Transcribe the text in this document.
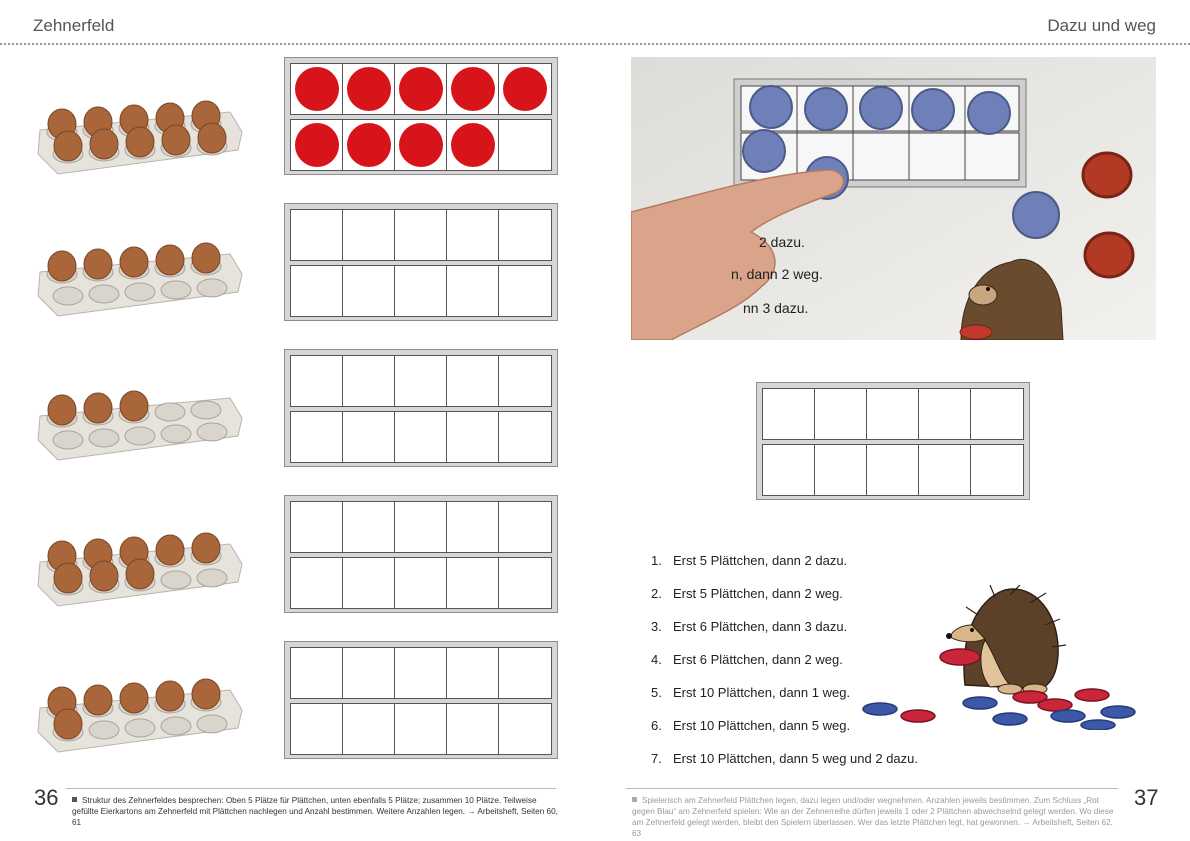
Zehnerfeld	Dazu und weg
2 dazu.
n, dann 2 weg.
nn 3 dazu.
1. Erst 5 Plättchen, dann 2 dazu.
2. Erst 5 Plättchen, dann 2 weg.
3. Erst 6 Plättchen, dann 3 dazu.
4. Erst 6 Plättchen, dann 2 weg.
5. Erst 10 Plättchen, dann 1 weg.
6. Erst 10 Plättchen, dann 5 weg.
7. Erst 10 Plättchen, dann 5 weg und 2 dazu.
36	Struktur des Zehnerfeldes besprechen: Oben 5 Plätze für Plättchen, unten ebenfalls 5 Plätze; zusammen 10 Plätze. Teilweise gefüllte Eierkartons am Zehnerfeld mit Plättchen nachlegen und Anzahl bestimmen. Weitere Anzahlen legen. → Arbeitsheft, Seiten 60, 61
37
Spielerisch am Zehnerfeld Plättchen legen, dazu legen und/oder wegnehmen. Anzahlen jeweils bestimmen. Zum Schluss „Rot gegen Blau“ am Zehnerfeld spielen: Wie an der Zehnerreihe dürfen jeweils 1 oder 2 Plättchen abwechselnd gelegt werden. Wo diese am Zehnerfeld gelegt werden, bleibt den Spielern überlassen. Wer das letzte Plättchen legt, hat gewonnen. → Arbeitsheft, Seiten 62, 63
